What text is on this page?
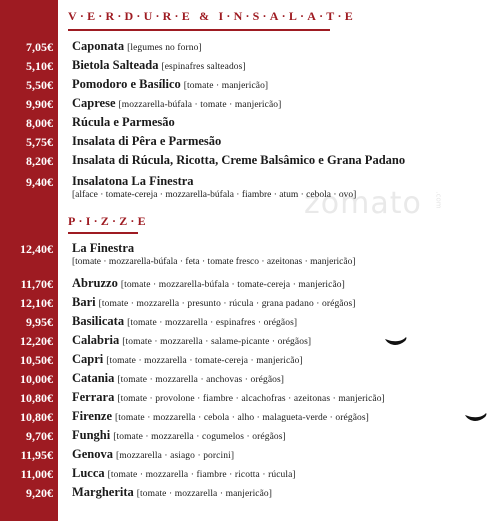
V·E·R·D·U·R·E & I·N·S·A·L·A·T·E
P·I·Z·Z·E	zomato .com
7,05€ Caponata [legumes no forno]
5,10€ Bietola Salteada [espinafres salteados]
5,50€ Pomodoro e Basílico [tomate · manjericão]
9,90€ Caprese [mozzarella-búfala · tomate · manjericão]
8,00€ Rúcula e Parmesão
5,75€ Insalata di Pêra e Parmesão
8,20€ Insalata di Rúcula, Ricotta, Creme Balsâmico e Grana Padano
9,40€ Insalatona La Finestra
[alface · tomate-cereja · mozzarella-búfala · fiambre · atum · cebola · ovo]
12,40€ La Finestra
[tomate · mozzarella-búfala · feta · tomate fresco · azeitonas · manjericão]
11,70€ Abruzzo [tomate · mozzarella-búfala · tomate-cereja · manjericão]
12,10€ Bari [tomate · mozzarella · presunto · rúcula · grana padano · orégãos]
9,95€ Basilicata [tomate · mozzarella · espinafres · orégãos]
12,20€ Calabria [tomate · mozzarella · salame-picante · orégãos]
10,50€ Capri [tomate · mozzarella · tomate-cereja · manjericão]
10,00€ Catania [tomate · mozzarella · anchovas · orégãos]
10,80€ Ferrara [tomate · provolone · fiambre · alcachofras · azeitonas · manjericão]
10,80€ Firenze [tomate · mozzarella · cebola · alho · malagueta-verde · orégãos]
9,70€ Funghi [tomate · mozzarella · cogumelos · orégãos]
11,95€ Genova [mozzarella · asiago · porcini]
11,00€ Lucca [tomate · mozzarella · fiambre · ricotta · rúcula]
9,20€ Margherita [tomate · mozzarella · manjericão]
